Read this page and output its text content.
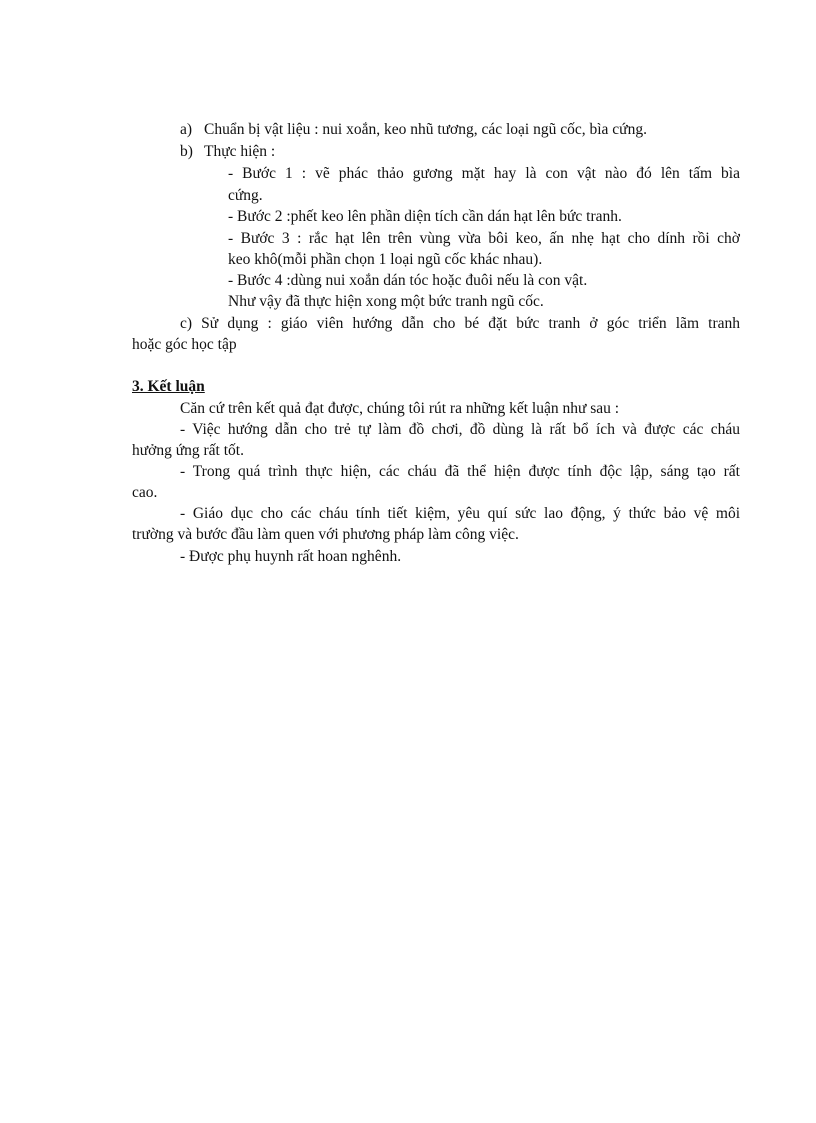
a) Chuẩn bị vật liệu : nui xoắn, keo nhũ tương, các loại ngũ cốc, bìa cứng.
b) Thực hiện :
- Bước 1 : vẽ phác thảo gương mặt hay là con vật nào đó lên tấm bìa
cứng.
- Bước 2 :phết keo lên phần diện tích cần dán hạt lên bức tranh.
- Bước 3 : rắc hạt lên trên vùng vừa bôi keo, ấn nhẹ hạt cho dính rồi chờ
keo khô(mỗi phần chọn 1 loại ngũ cốc khác nhau).
- Bước 4 :dùng nui xoắn dán tóc hoặc đuôi nếu là con vật.
Như vậy đã thực hiện xong một bức tranh ngũ cốc.
c) Sử dụng : giáo viên hướng dẫn cho bé đặt bức tranh ở góc triển lãm tranh
hoặc góc học tập
3. Kết luận
Căn cứ trên kết quả đạt được, chúng tôi rút ra những kết luận như sau :
- Việc hướng dẫn cho trẻ tự làm đồ chơi, đồ dùng là rất bổ ích và được các cháu
hưởng ứng rất tốt.
- Trong quá trình thực hiện, các cháu đã thể hiện được tính độc lập, sáng tạo rất
cao.
- Giáo dục cho các cháu tính tiết kiệm, yêu quí sức lao động, ý thức bảo vệ môi
trường và bước đầu làm quen với phương pháp làm công việc.
- Được phụ huynh rất hoan nghênh.
